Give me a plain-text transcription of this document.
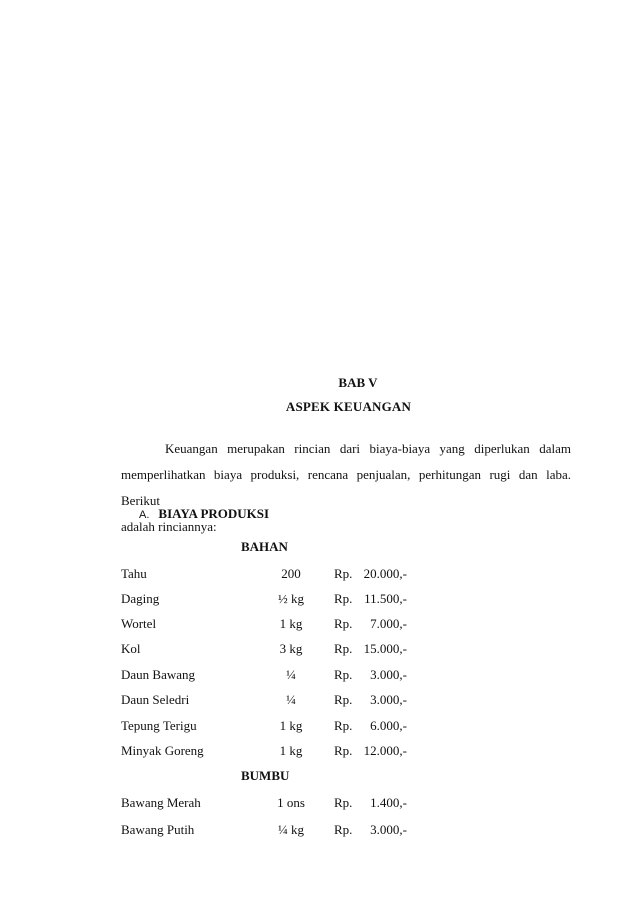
BAB V
ASPEK KEUANGAN
Keuangan merupakan rincian dari biaya-biaya yang diperlukan dalam
memperlihatkan biaya produksi, rencana penjualan, perhitungan rugi dan laba. Berikut
adalah rinciannya:
A. BIAYA PRODUKSI
BAHAN
Tahu	200	Rp. 20.000,-
Daging	½ kg	Rp. 11.500,-
Wortel	1 kg	Rp.	7.000,-
Kol	3 kg	Rp. 15.000,-
Daun Bawang	¼	Rp.	3.000,-
Daun Seledri	¼	Rp.	3.000,-
Tepung Terigu	1 kg	Rp.	6.000,-
Minyak Goreng	1 kg	Rp. 12.000,-
BUMBU
Bawang Merah	1 ons	Rp.	1.400,-
Bawang Putih	¼ kg	Rp.	3.000,-
